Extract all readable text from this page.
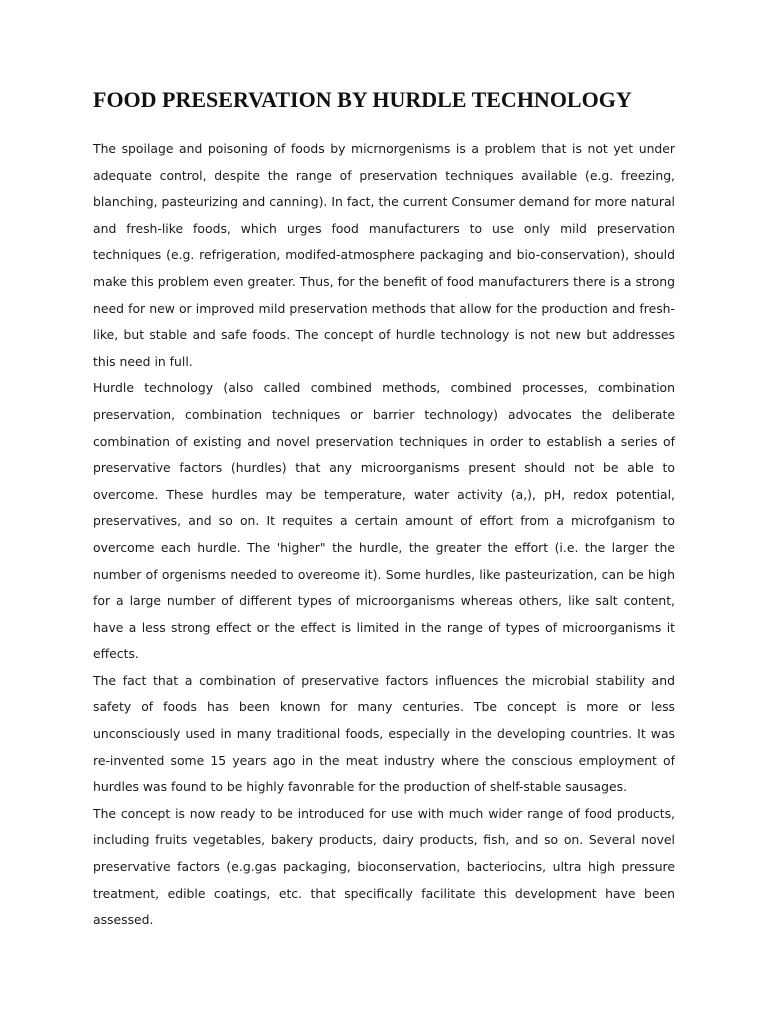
FOOD PRESERVATION BY HURDLE TECHNOLOGY

The spoilage and poisoning of foods by micrnorgenisms is a problem that is not yet under adequate control, despite the range of preservation techniques available (e.g. freezing, blanching, pasteurizing and canning). In fact, the current Consumer demand for more natural and fresh-like foods, which urges food manufacturers to use only mild preservation techniques (e.g. refrigeration, modifed-atmosphere packaging and bio-conservation), should make this problem even greater. Thus, for the benefit of food manufacturers there is a strong need for new or improved mild preservation methods that allow for the production and fresh-like, but stable and safe foods. The concept of hurdle technology is not new but addresses this need in full.

Hurdle technology (also called combined methods, combined processes, combination preservation, combination techniques or barrier technology) advocates the deliberate combination of existing and novel preservation techniques in order to establish a series of preservative factors (hurdles) that any microorganisms present should not be able to overcome. These hurdles may be temperature, water activity (a,), pH, redox potential, preservatives, and so on. It requites a certain amount of effort from a microfganism to overcome each hurdle. The 'higher" the hurdle, the greater the effort (i.e. the larger the number of orgenisms needed to overeome it). Some hurdles, like pasteurization, can be high for a large number of different types of microorganisms whereas others, like salt content, have a less strong effect or the effect is limited in the range of types of microorganisms it effects.

The fact that a combination of preservative factors influences the microbial stability and safety of foods has been known for many centuries. Tbe concept is more or less unconsciously used in many traditional foods, especially in the developing countries. It was re-invented some 15 years ago in the meat industry where the conscious employment of hurdles was found to be highly favonrable for the production of shelf-stable sausages.

The concept is now ready to be introduced for use with much wider range of food products, including fruits vegetables, bakery products, dairy products, fish, and so on. Several novel preservative factors (e.g.gas packaging, bioconservation, bacteriocins, ultra high pressure treatment, edible coatings, etc. that specifically facilitate this development have been assessed.
